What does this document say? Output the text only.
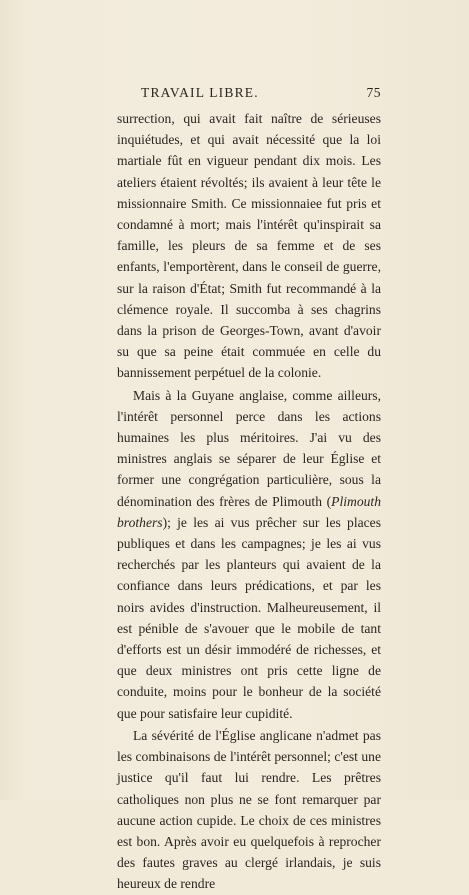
TRAVAIL LIBRE.	75

surrection, qui avait fait naître de sérieuses inquiétudes, et qui avait nécessité que la loi martiale fût en vigueur pendant dix mois. Les ateliers étaient révoltés; ils avaient à leur tête le missionnaire Smith. Ce missionnaiee fut pris et condamné à mort; mais l'intérêt qu'inspirait sa famille, les pleurs de sa femme et de ses enfants, l'emportèrent, dans le conseil de guerre, sur la raison d'État; Smith fut recommandé à la clémence royale. Il succomba à ses chagrins dans la prison de Georges-Town, avant d'avoir su que sa peine était commuée en celle du bannissement perpétuel de la colonie.

Mais à la Guyane anglaise, comme ailleurs, l'intérêt personnel perce dans les actions humaines les plus méritoires. J'ai vu des ministres anglais se séparer de leur Église et former une congrégation particulière, sous la dénomination des frères de Plimouth (Plimouth brothers); je les ai vus prêcher sur les places publiques et dans les campagnes; je les ai vus recherchés par les planteurs qui avaient de la confiance dans leurs prédications, et par les noirs avides d'instruction. Malheureusement, il est pénible de s'avouer que le mobile de tant d'efforts est un désir immodéré de richesses, et que deux ministres ont pris cette ligne de conduite, moins pour le bonheur de la société que pour satisfaire leur cupidité.

La sévérité de l'Église anglicane n'admet pas les combinaisons de l'intérêt personnel; c'est une justice qu'il faut lui rendre. Les prêtres catholiques non plus ne se font remarquer par aucune action cupide. Le choix de ces ministres est bon. Après avoir eu quelquefois à reprocher des fautes graves au clergé irlandais, je suis heureux de rendre
